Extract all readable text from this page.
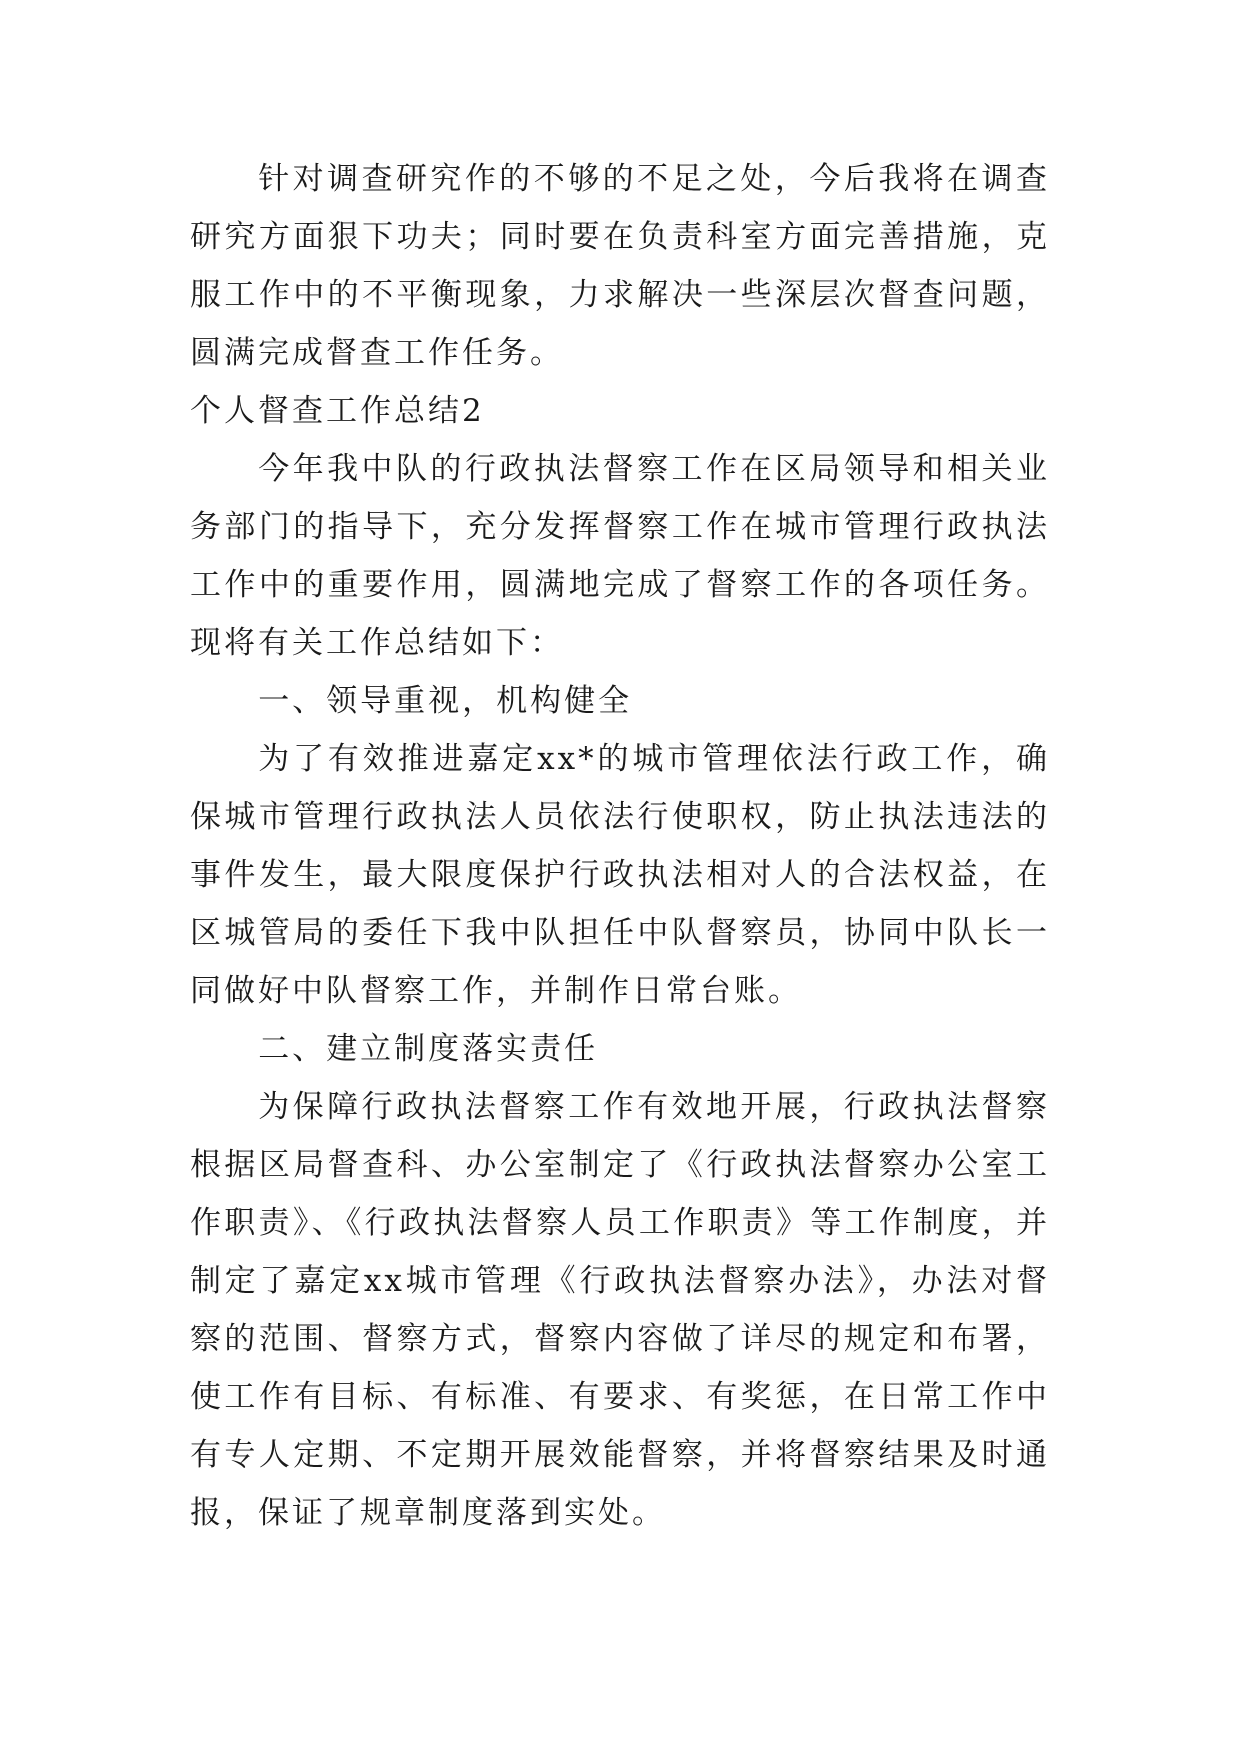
针对调查研究作的不够的不足之处，今后我将在调查研究方面狠下功夫；同时要在负责科室方面完善措施，克服工作中的不平衡现象，力求解决一些深层次督查问题，圆满完成督查工作任务。

个人督查工作总结2

今年我中队的行政执法督察工作在区局领导和相关业务部门的指导下，充分发挥督察工作在城市管理行政执法工作中的重要作用，圆满地完成了督察工作的各项任务。现将有关工作总结如下：

一、领导重视，机构健全

为了有效推进嘉定xx*的城市管理依法行政工作，确保城市管理行政执法人员依法行使职权，防止执法违法的事件发生，最大限度保护行政执法相对人的合法权益，在区城管局的委任下我中队担任中队督察员，协同中队长一同做好中队督察工作，并制作日常台账。

二、建立制度落实责任

为保障行政执法督察工作有效地开展，行政执法督察根据区局督查科、办公室制定了《行政执法督察办公室工作职责》、《行政执法督察人员工作职责》等工作制度，并制定了嘉定xx城市管理《行政执法督察办法》，办法对督察的范围、督察方式，督察内容做了详尽的规定和布署，使工作有目标、有标准、有要求、有奖惩，在日常工作中有专人定期、不定期开展效能督察，并将督察结果及时通报，保证了规章制度落到实处。
